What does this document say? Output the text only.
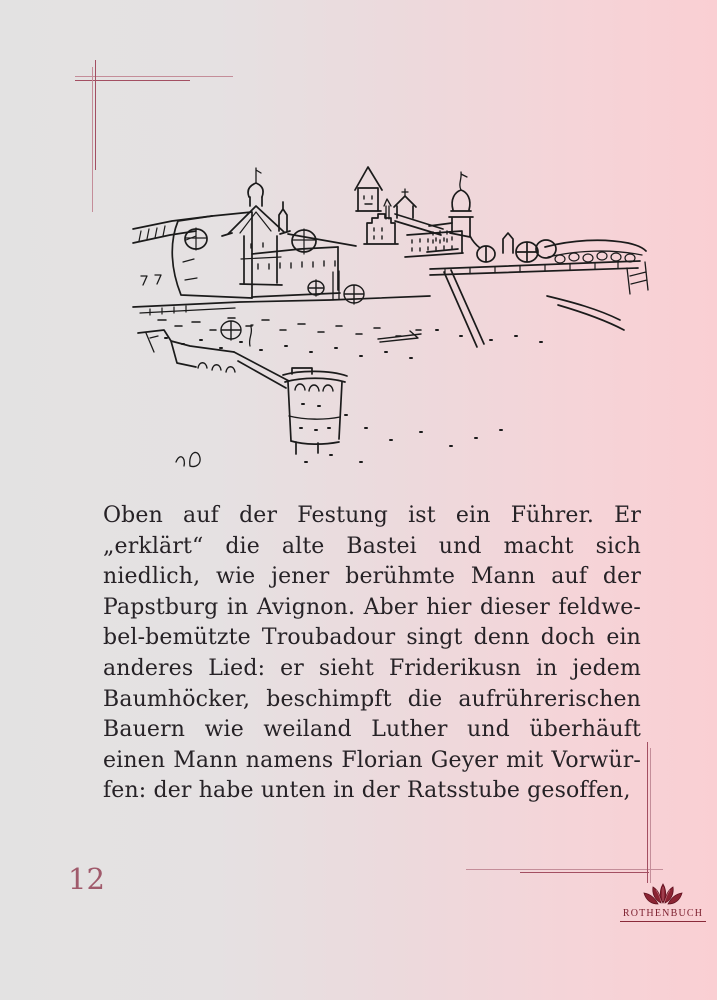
Oben auf der Festung ist ein Führer. Er
„erklärt“ die alte Bastei und macht sich
niedlich, wie jener berühmte Mann auf der
Papstburg in Avignon. Aber hier dieser feldwe-
bel-bemützte Troubadour singt denn doch ein
anderes Lied: er sieht Friderikusn in jedem
Baumhöcker, beschimpft die aufrührerischen
Bauern wie weiland Luther und überhäuft
einen Mann namens Florian Geyer mit Vorwür-
fen: der habe unten in der Ratsstube gesoffen,
12
ROTHENBUCH
